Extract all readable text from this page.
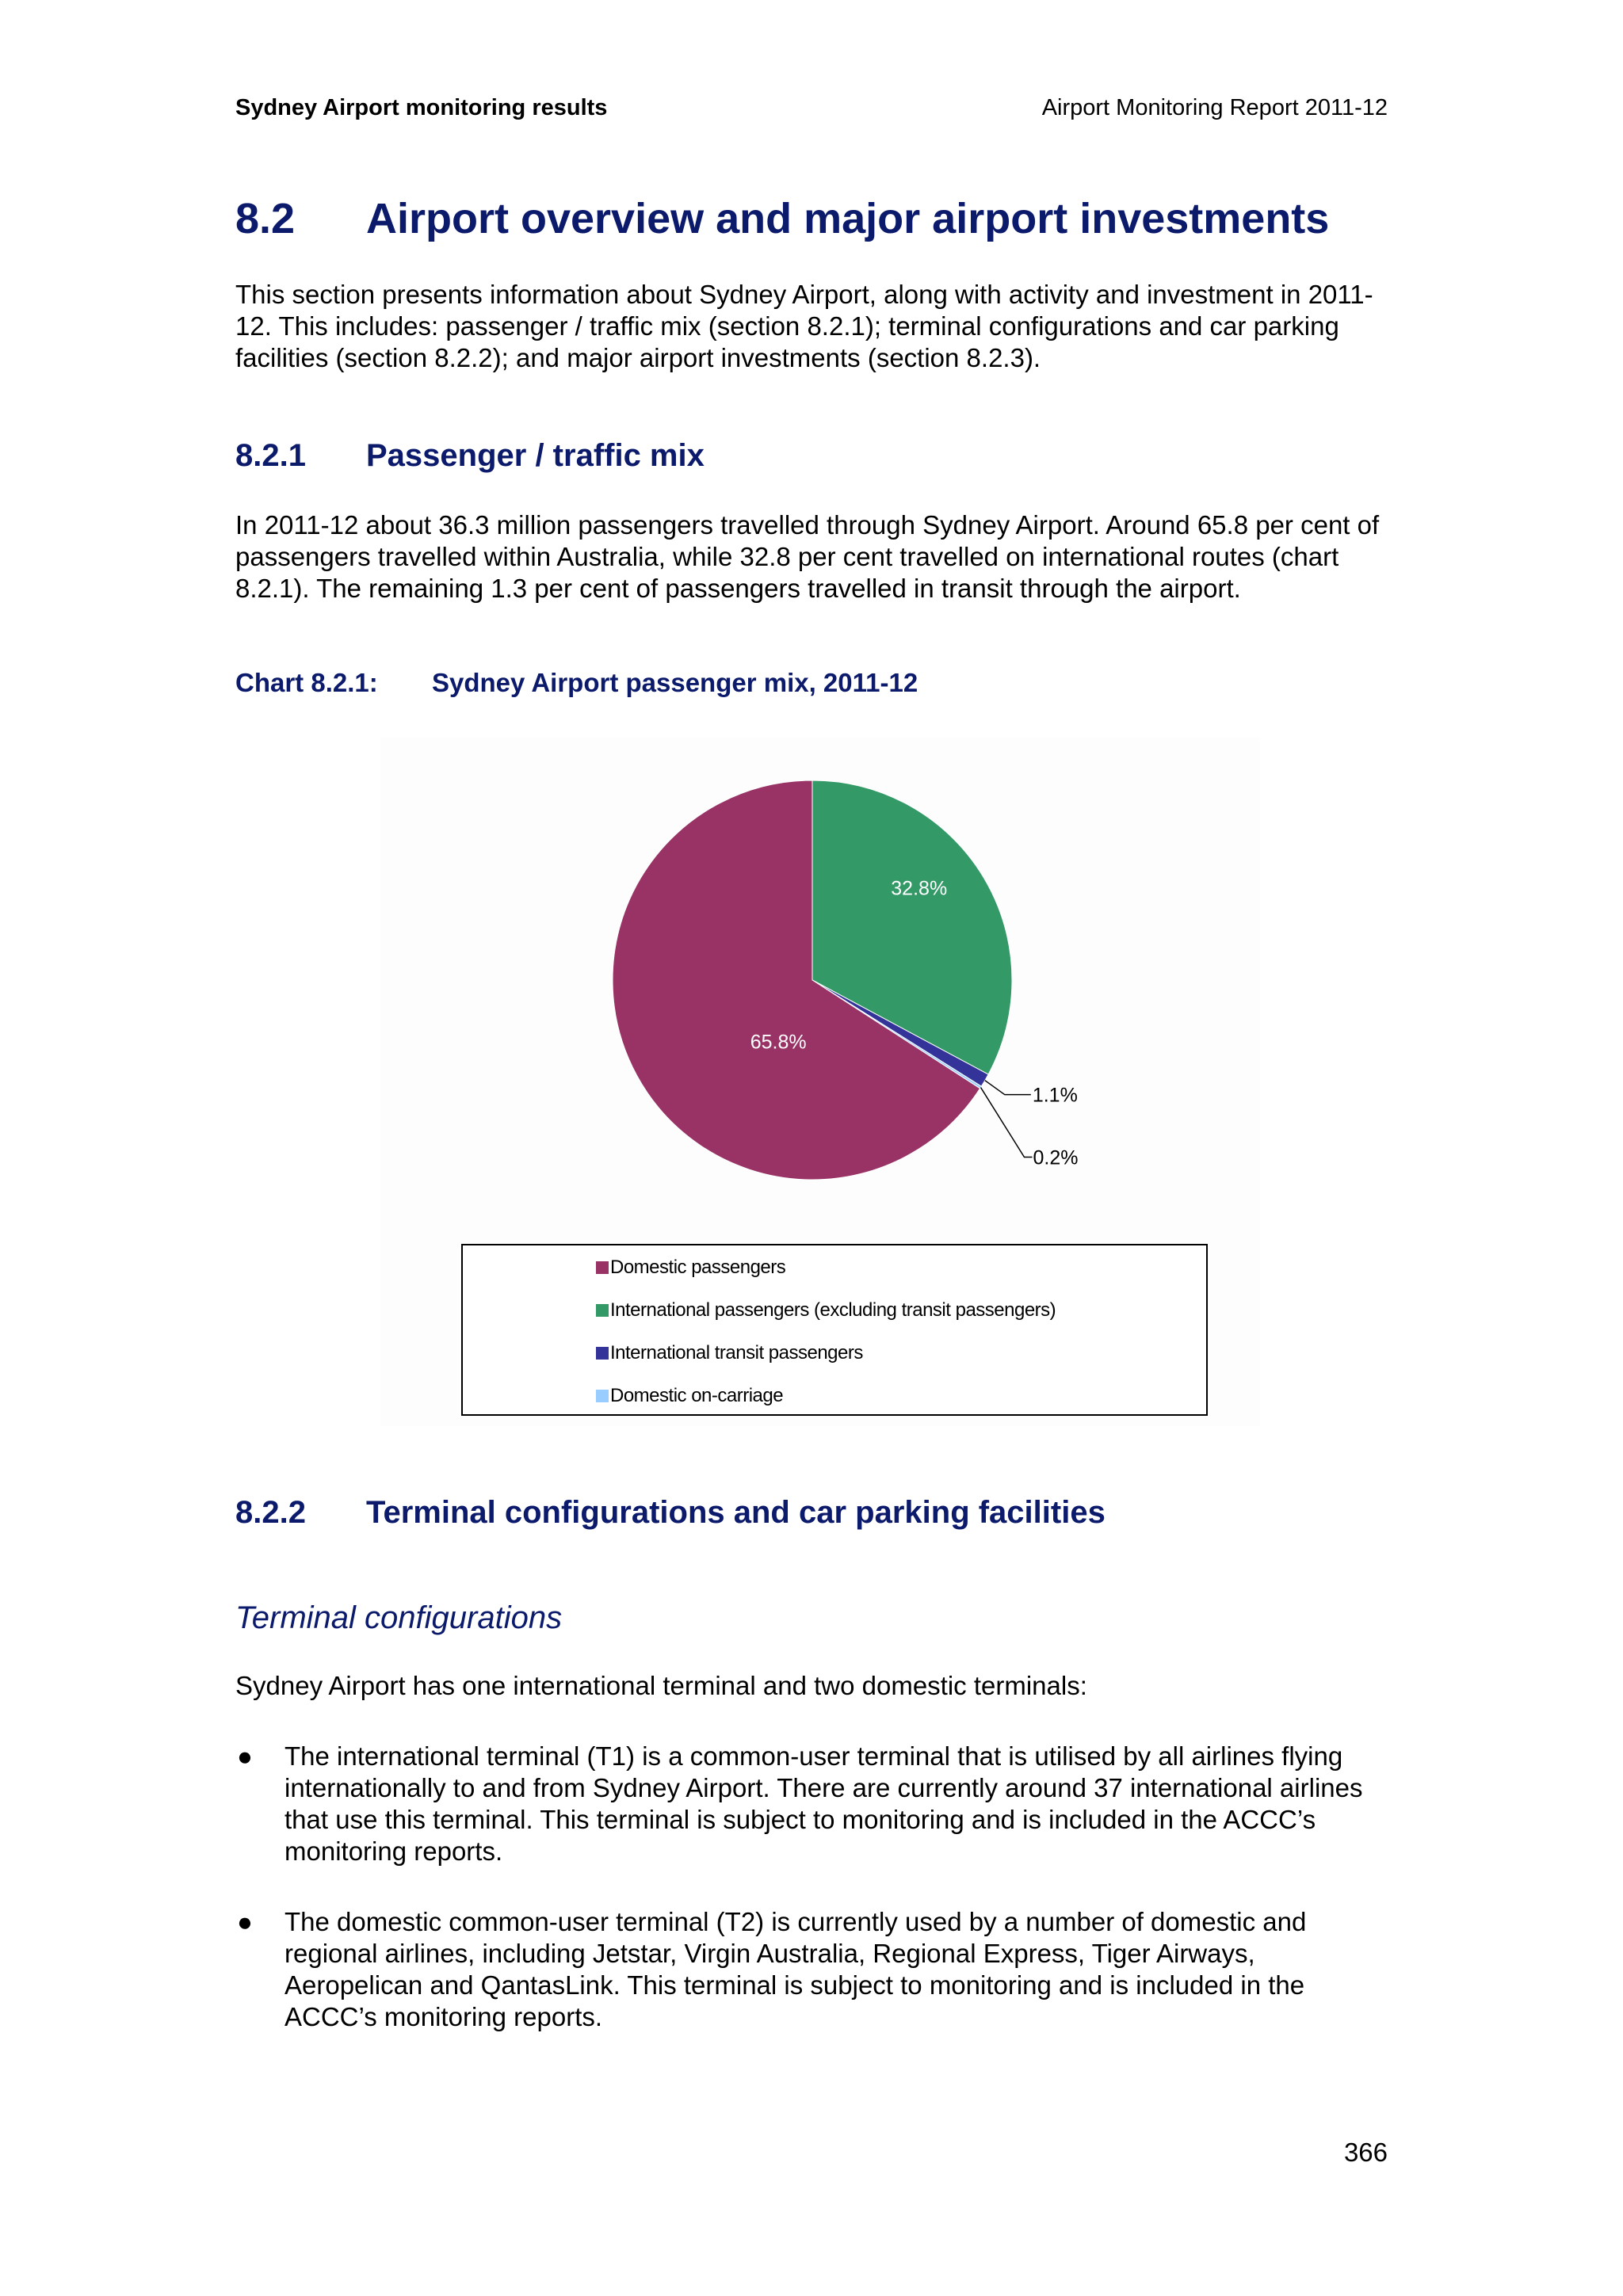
Sydney Airport monitoring results	Airport Monitoring Report 2011-12
8.2 Airport overview and major airport investments

This section presents information about Sydney Airport, along with activity and investment in 2011-12. This includes: passenger / traffic mix (section 8.2.1); terminal configurations and car parking facilities (section 8.2.2); and major airport investments (section 8.2.3).

8.2.1 Passenger / traffic mix

In 2011-12 about 36.3 million passengers travelled through Sydney Airport. Around 65.8 per cent of passengers travelled within Australia, while 32.8 per cent travelled on international routes (chart 8.2.1). The remaining 1.3 per cent of passengers travelled in transit through the airport.

Chart 8.2.1: Sydney Airport passenger mix, 2011-12
32.8%
65.8%
1.1%
0.2%
Domestic passengers
International passengers (excluding transit passengers)
International transit passengers
Domestic on-carriage
8.2.2 Terminal configurations and car parking facilities
Terminal configurations

Sydney Airport has one international terminal and two domestic terminals:

● The international terminal (T1) is a common-user terminal that is utilised by all airlines flying internationally to and from Sydney Airport. There are currently around 37 international airlines that use this terminal. This terminal is subject to monitoring and is included in the ACCC’s monitoring reports.
● The domestic common-user terminal (T2) is currently used by a number of domestic and regional airlines, including Jetstar, Virgin Australia, Regional Express, Tiger Airways, Aeropelican and QantasLink. This terminal is subject to monitoring and is included in the ACCC’s monitoring reports.
366
